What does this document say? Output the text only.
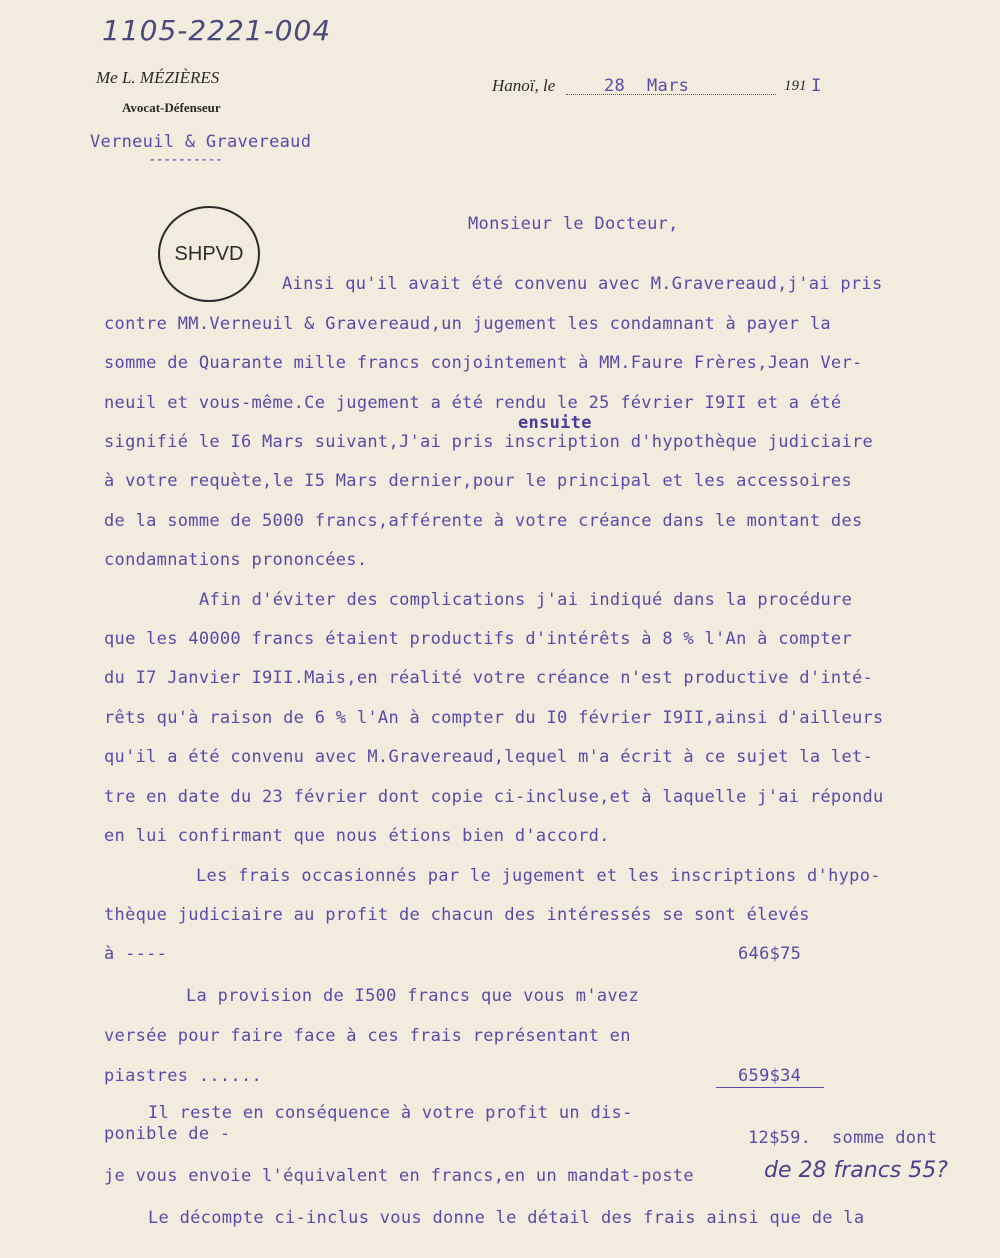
1105-2221-004
Me L. MÉZIÈRES
Avocat-Défenseur
Verneuil & Gravereaud
----------
Hanoï, le	28 Mars	191 I
SHPVD
Monsieur le Docteur,
ensuite
Ainsi qu'il avait été convenu avec M.Gravereaud,j'ai pris
contre MM.Verneuil & Gravereaud,un jugement les condamnant à payer la
somme de Quarante mille francs conjointement à MM.Faure Frères,Jean Ver-
neuil et vous-même.Ce jugement a été rendu le 25 février I9II et a été
signifié le I6 Mars suivant,J'ai pris inscription d'hypothèque judiciaire
à votre requète,le I5 Mars dernier,pour le principal et les accessoires
de la somme de 5000 francs,afférente à votre créance dans le montant des
condamnations prononcées.
Afin d'éviter des complications j'ai indiqué dans la procédure
que les 40000 francs étaient productifs d'intérêts à 8 % l'An à compter
du I7 Janvier I9II.Mais,en réalité votre créance n'est productive d'inté-
rêts qu'à raison de 6 % l'An à compter du I0 février I9II,ainsi d'ailleurs
qu'il a été convenu avec M.Gravereaud,lequel m'a écrit à ce sujet la let-
tre en date du 23 février dont copie ci-incluse,et à laquelle j'ai répondu
en lui confirmant que nous étions bien d'accord.
Les frais occasionnés par le jugement et les inscriptions d'hypo-
thèque judiciaire au profit de chacun des intéressés se sont élevés
à ----	646$75
La provision de I500 francs que vous m'avez
versée pour faire face à ces frais représentant en
piastres ......	659$34
Il reste en conséquence à votre profit un dis-
ponible de -	12$59. somme dont
je vous envoie l'équivalent en francs,en un mandat-poste	de 28 francs 55?
Le décompte ci-inclus vous donne le détail des frais ainsi que de la
